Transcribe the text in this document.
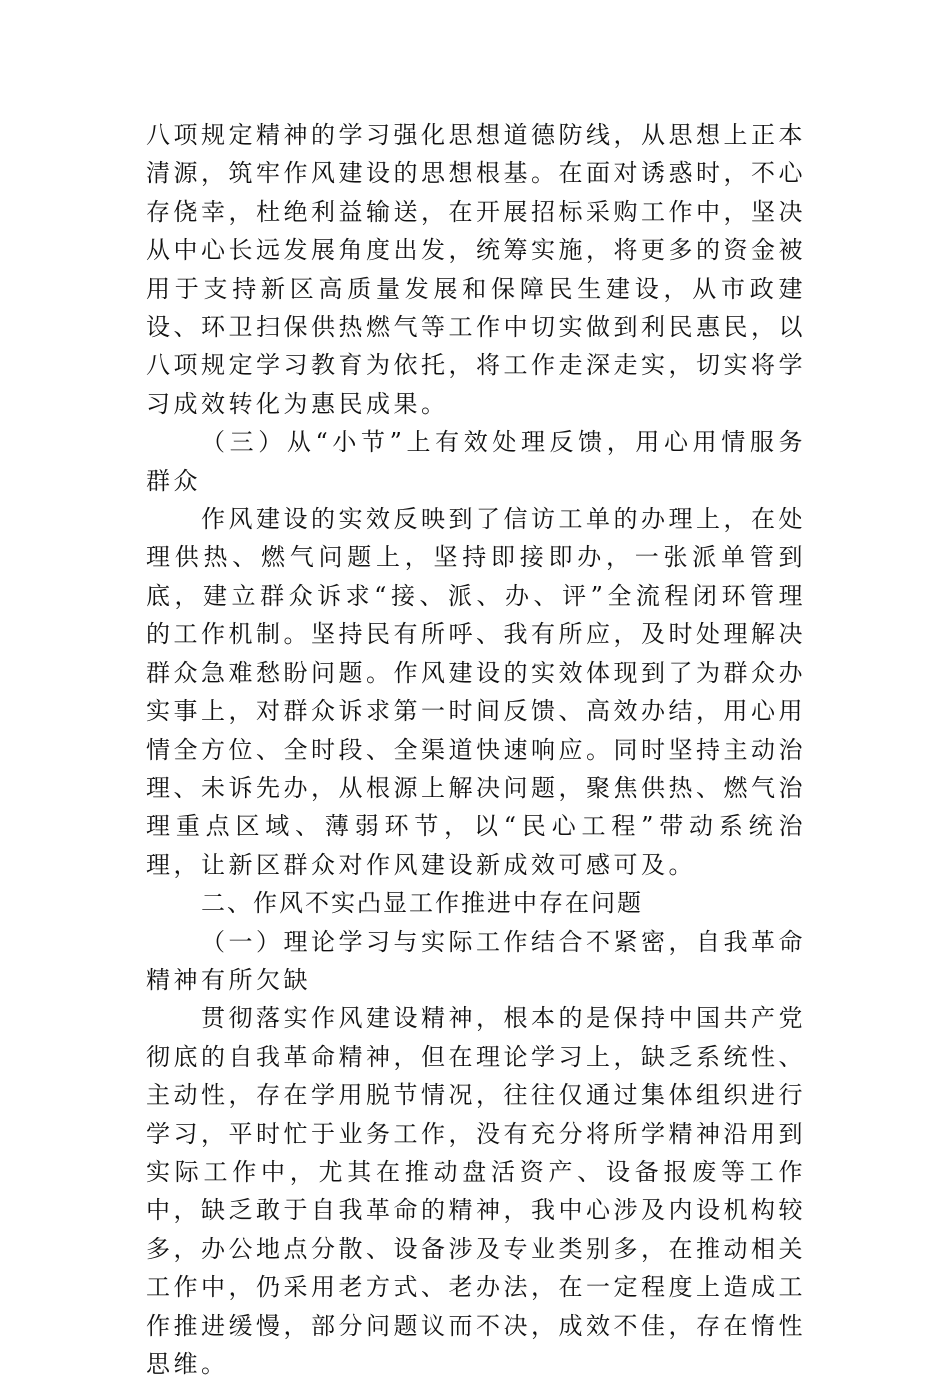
八项规定精神的学习强化思想道德防线，从思想上正本清源，筑牢作风建设的思想根基。在面对诱惑时，不心存侥幸，杜绝利益输送，在开展招标采购工作中，坚决从中心长远发展角度出发，统筹实施，将更多的资金被用于支持新区高质量发展和保障民生建设，从市政建设、环卫扫保供热燃气等工作中切实做到利民惠民，以八项规定学习教育为依托，将工作走深走实，切实将学习成效转化为惠民成果。

（三）从“小节”上有效处理反馈，用心用情服务群众

作风建设的实效反映到了信访工单的办理上，在处理供热、燃气问题上，坚持即接即办，一张派单管到底，建立群众诉求“接、派、办、评”全流程闭环管理的工作机制。坚持民有所呼、我有所应，及时处理解决群众急难愁盼问题。作风建设的实效体现到了为群众办实事上，对群众诉求第一时间反馈、高效办结，用心用情全方位、全时段、全渠道快速响应。同时坚持主动治理、未诉先办，从根源上解决问题，聚焦供热、燃气治理重点区域、薄弱环节，以“民心工程”带动系统治理，让新区群众对作风建设新成效可感可及。

二、作风不实凸显工作推进中存在问题

（一）理论学习与实际工作结合不紧密，自我革命精神有所欠缺

贯彻落实作风建设精神，根本的是保持中国共产党彻底的自我革命精神，但在理论学习上，缺乏系统性、主动性，存在学用脱节情况，往往仅通过集体组织进行学习，平时忙于业务工作，没有充分将所学精神沿用到实际工作中，尤其在推动盘活资产、设备报废等工作中，缺乏敢于自我革命的精神，我中心涉及内设机构较多，办公地点分散、设备涉及专业类别多，在推动相关工作中，仍采用老方式、老办法，在一定程度上造成工作推进缓慢，部分问题议而不决，成效不佳，存在惰性思维。
